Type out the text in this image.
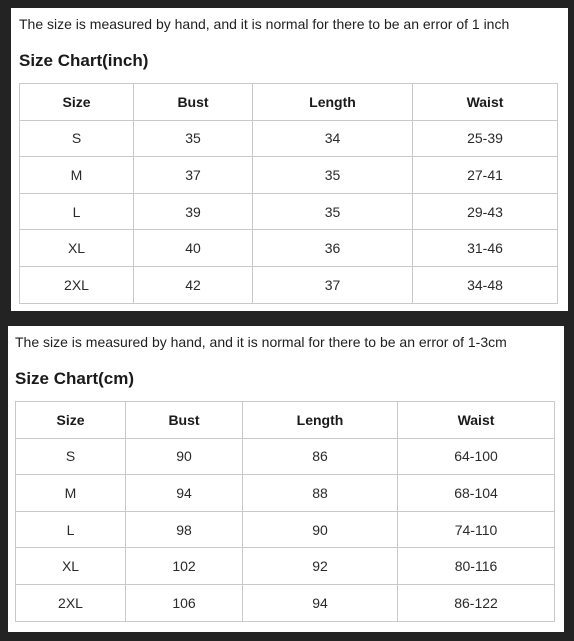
The size is measured by hand, and it is normal for there to be an error of 1 inch
Size Chart(inch)
Size	Bust	Length	Waist
S	35	34	25-39
M	37	35	27-41
L	39	35	29-43
XL	40	36	31-46
2XL	42	37	34-48
The size is measured by hand, and it is normal for there to be an error of 1-3cm
Size Chart(cm)
Size	Bust	Length	Waist
S	90	86	64-100
M	94	88	68-104
L	98	90	74-110
XL	102	92	80-116
2XL	106	94	86-122
